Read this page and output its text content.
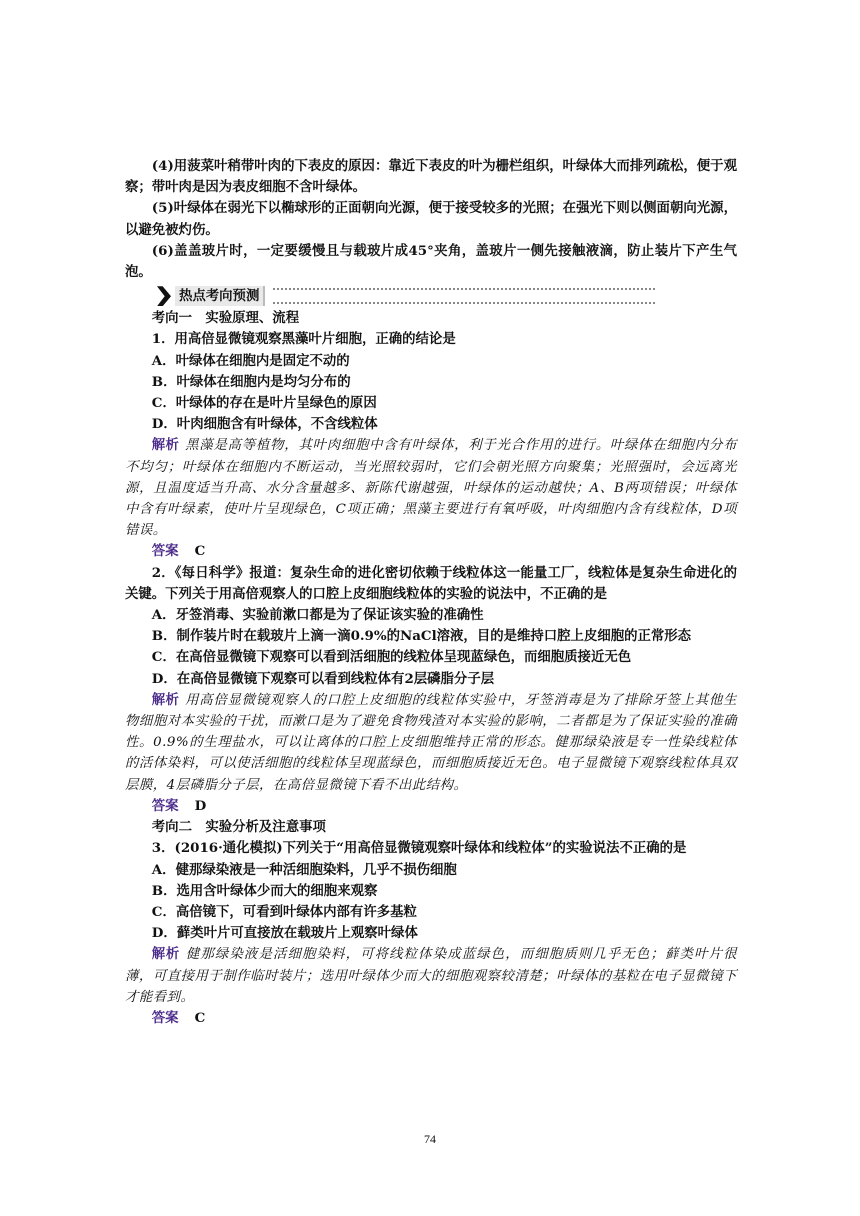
(4)用菠菜叶稍带叶肉的下表皮的原因：靠近下表皮的叶为栅栏组织，叶绿体大而排列疏松，便于观察；带叶肉是因为表皮细胞不含叶绿体。

(5)叶绿体在弱光下以椭球形的正面朝向光源，便于接受较多的光照；在强光下则以侧面朝向光源，以避免被灼伤。

(6)盖盖玻片时，一定要缓慢且与载玻片成45°夹角，盖玻片一侧先接触液滴，防止装片下产生气泡。

热点考向预测

考向一　实验原理、流程

1．用高倍显微镜观察黑藻叶片细胞，正确的结论是

A．叶绿体在细胞内是固定不动的

B．叶绿体在细胞内是均匀分布的

C．叶绿体的存在是叶片呈绿色的原因

D．叶肉细胞含有叶绿体，不含线粒体

解析 黑藻是高等植物，其叶肉细胞中含有叶绿体，利于光合作用的进行。叶绿体在细胞内分布不均匀；叶绿体在细胞内不断运动，当光照较弱时，它们会朝光照方向聚集；光照强时，会远离光源，且温度适当升高、水分含量越多、新陈代谢越强，叶绿体的运动越快；A、B两项错误；叶绿体中含有叶绿素，使叶片呈现绿色，C项正确；黑藻主要进行有氧呼吸，叶肉细胞内含有线粒体，D项错误。

答案 C

2．《每日科学》报道：复杂生命的进化密切依赖于线粒体这一能量工厂，线粒体是复杂生命进化的关键。下列关于用高倍观察人的口腔上皮细胞线粒体的实验的说法中，不正确的是

A．牙签消毒、实验前漱口都是为了保证该实验的准确性

B．制作装片时在载玻片上滴一滴0.9%的NaCl溶液，目的是维持口腔上皮细胞的正常形态

C．在高倍显微镜下观察可以看到活细胞的线粒体呈现蓝绿色，而细胞质接近无色

D．在高倍显微镜下观察可以看到线粒体有2层磷脂分子层

解析 用高倍显微镜观察人的口腔上皮细胞的线粒体实验中，牙签消毒是为了排除牙签上其他生物细胞对本实验的干扰，而漱口是为了避免食物残渣对本实验的影响，二者都是为了保证实验的准确性。0.9%的生理盐水，可以让离体的口腔上皮细胞维持正常的形态。健那绿染液是专一性染线粒体的活体染料，可以使活细胞的线粒体呈现蓝绿色，而细胞质接近无色。电子显微镜下观察线粒体具双层膜，4层磷脂分子层，在高倍显微镜下看不出此结构。

答案 D

考向二　实验分析及注意事项

3．(2016·通化模拟)下列关于“用高倍显微镜观察叶绿体和线粒体”的实验说法不正确的是

A．健那绿染液是一种活细胞染料，几乎不损伤细胞

B．选用含叶绿体少而大的细胞来观察

C．高倍镜下，可看到叶绿体内部有许多基粒

D．藓类叶片可直接放在载玻片上观察叶绿体

解析 健那绿染液是活细胞染料，可将线粒体染成蓝绿色，而细胞质则几乎无色；藓类叶片很薄，可直接用于制作临时装片；选用叶绿体少而大的细胞观察较清楚；叶绿体的基粒在电子显微镜下才能看到。

答案 C

74
